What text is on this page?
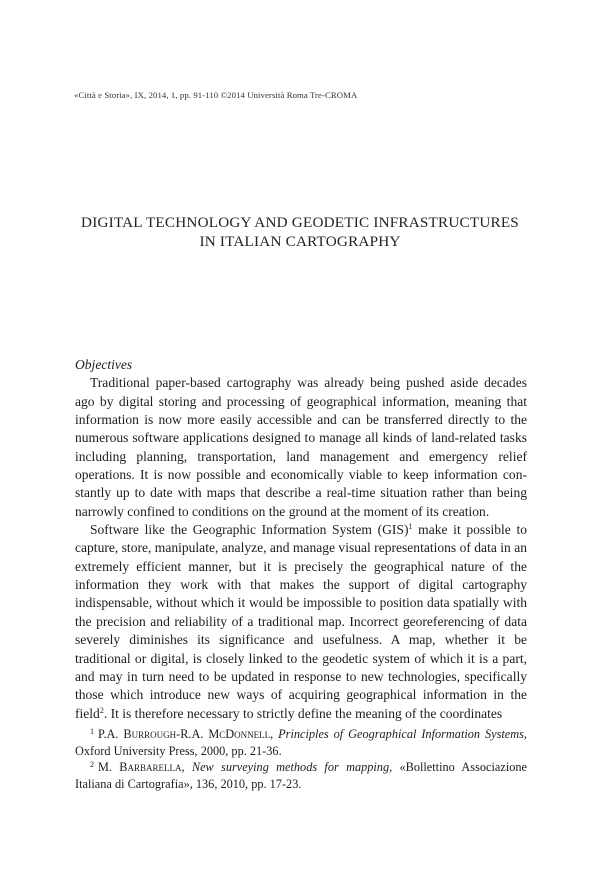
«Città e Storia», IX, 2014, 1, pp. 91-110 ©2014 Università Roma Tre-CROMA
DIGITAL TECHNOLOGY AND GEODETIC INFRASTRUCTURES
IN ITALIAN CARTOGRAPHY

Objectives

Traditional paper-based cartography was already being pushed aside decades ago by digital storing and processing of geographical information, meaning that information is now more easily accessible and can be transferred directly to the numerous software applications designed to manage all kinds of land-related tasks including planning, transportation, land management and emergency relief operations. It is now possible and economically viable to keep information constantly up to date with maps that describe a real-time situation rather than being narrowly confined to conditions on the ground at the moment of its creation.

Software like the Geographic Information System (GIS)$^1$ make it possible to capture, store, manipulate, analyze, and manage visual representations of data in an extremely efficient manner, but it is precisely the geographical nature of the information they work with that makes the support of digital cartography indispensable, without which it would be impossible to position data spatially with the precision and reliability of a traditional map. Incorrect georeferencing of data severely diminishes its significance and usefulness. A map, whether it be traditional or digital, is closely linked to the geodetic system of which it is a part, and may in turn need to be updated in response to new technologies, specifically those which introduce new ways of acquiring geographical information in the field$^2$. It is therefore necessary to strictly define the meaning of the coordinates

$^1$ P.A. Burrough-R.A. McDonnell, Principles of Geographical Information Systems, Oxford University Press, 2000, pp. 21-36.

$^2$ M. Barbarella, New surveying methods for mapping, «Bollettino Associazione Italiana di Cartografia», 136, 2010, pp. 17-23.
